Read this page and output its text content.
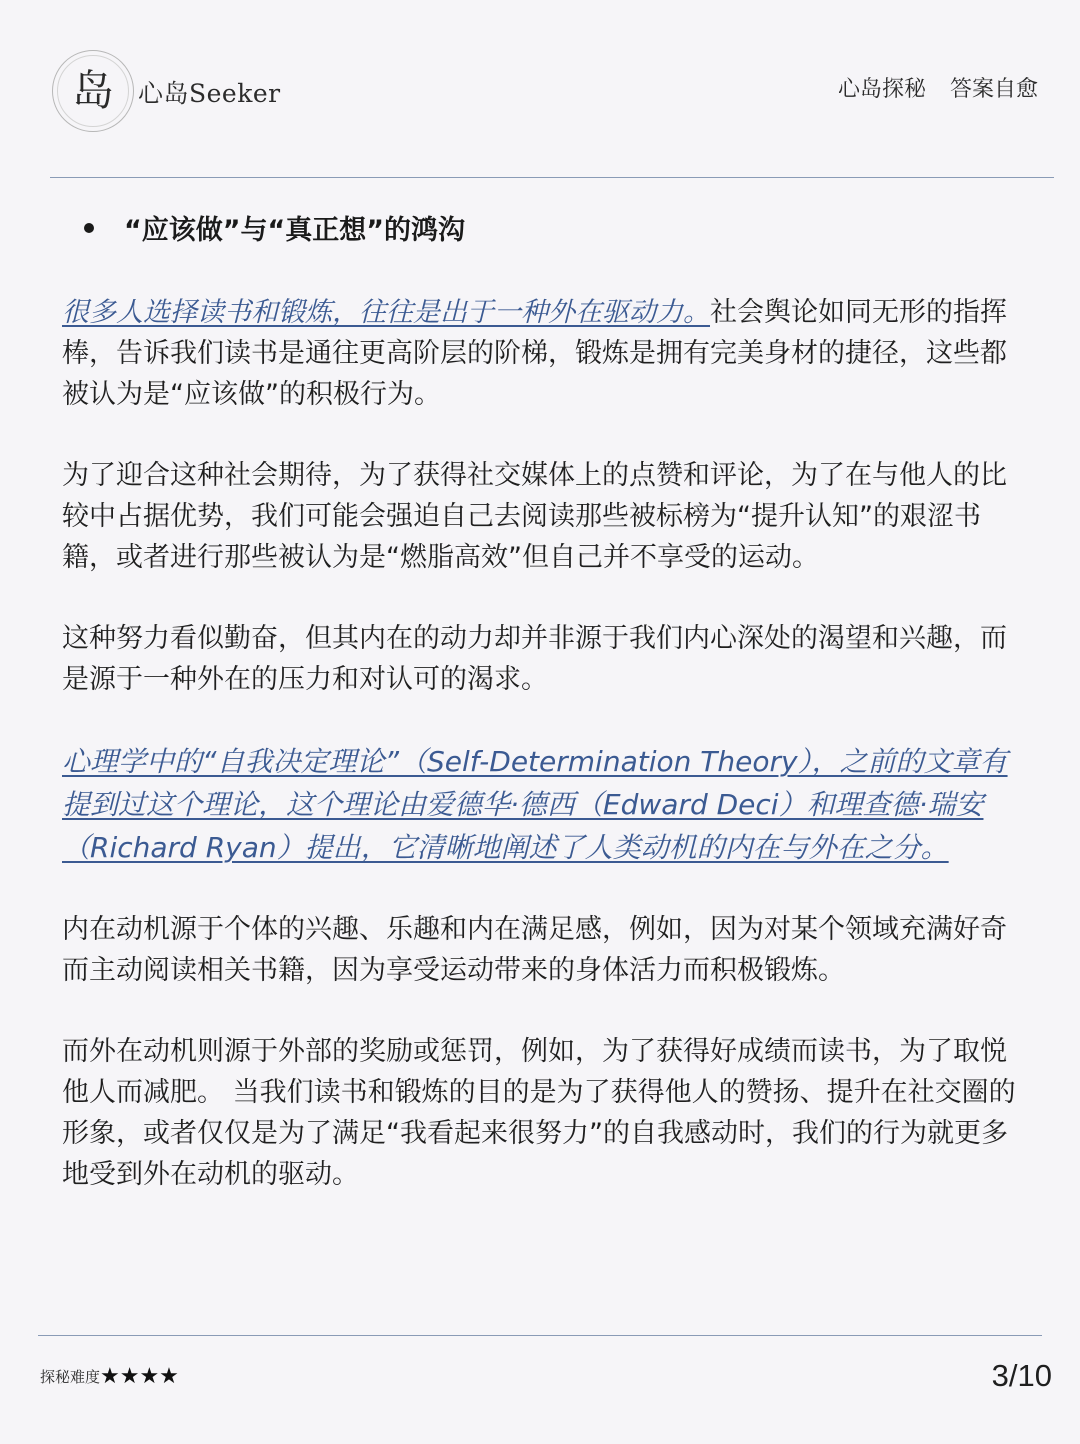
岛 心岛Seeker	心岛探秘 答案自愈
“应该做”与“真正想”的鸿沟

很多人选择读书和锻炼，往往是出于一种外在驱动力。社会舆论如同无形的指挥棒，告诉我们读书是通往更高阶层的阶梯，锻炼是拥有完美身材的捷径，这些都被认为是“应该做”的积极行为。

为了迎合这种社会期待，为了获得社交媒体上的点赞和评论，为了在与他人的比较中占据优势，我们可能会强迫自己去阅读那些被标榜为“提升认知”的艰涩书籍，或者进行那些被认为是“燃脂高效”但自己并不享受的运动。

这种努力看似勤奋，但其内在的动力却并非源于我们内心深处的渴望和兴趣，而是源于一种外在的压力和对认可的渴求。

心理学中的“自我决定理论”（Self-Determination Theory），之前的文章有提到过这个理论，这个理论由爱德华·德西（Edward Deci）和理查德·瑞安（Richard Ryan）提出，它清晰地阐述了人类动机的内在与外在之分。

内在动机源于个体的兴趣、乐趣和内在满足感，例如，因为对某个领域充满好奇而主动阅读相关书籍，因为享受运动带来的身体活力而积极锻炼。

而外在动机则源于外部的奖励或惩罚，例如，为了获得好成绩而读书，为了取悦他人而减肥。 当我们读书和锻炼的目的是为了获得他人的赞扬、提升在社交圈的形象，或者仅仅是为了满足“我看起来很努力”的自我感动时，我们的行为就更多地受到外在动机的驱动。

探秘难度 ★★★★	3/10
